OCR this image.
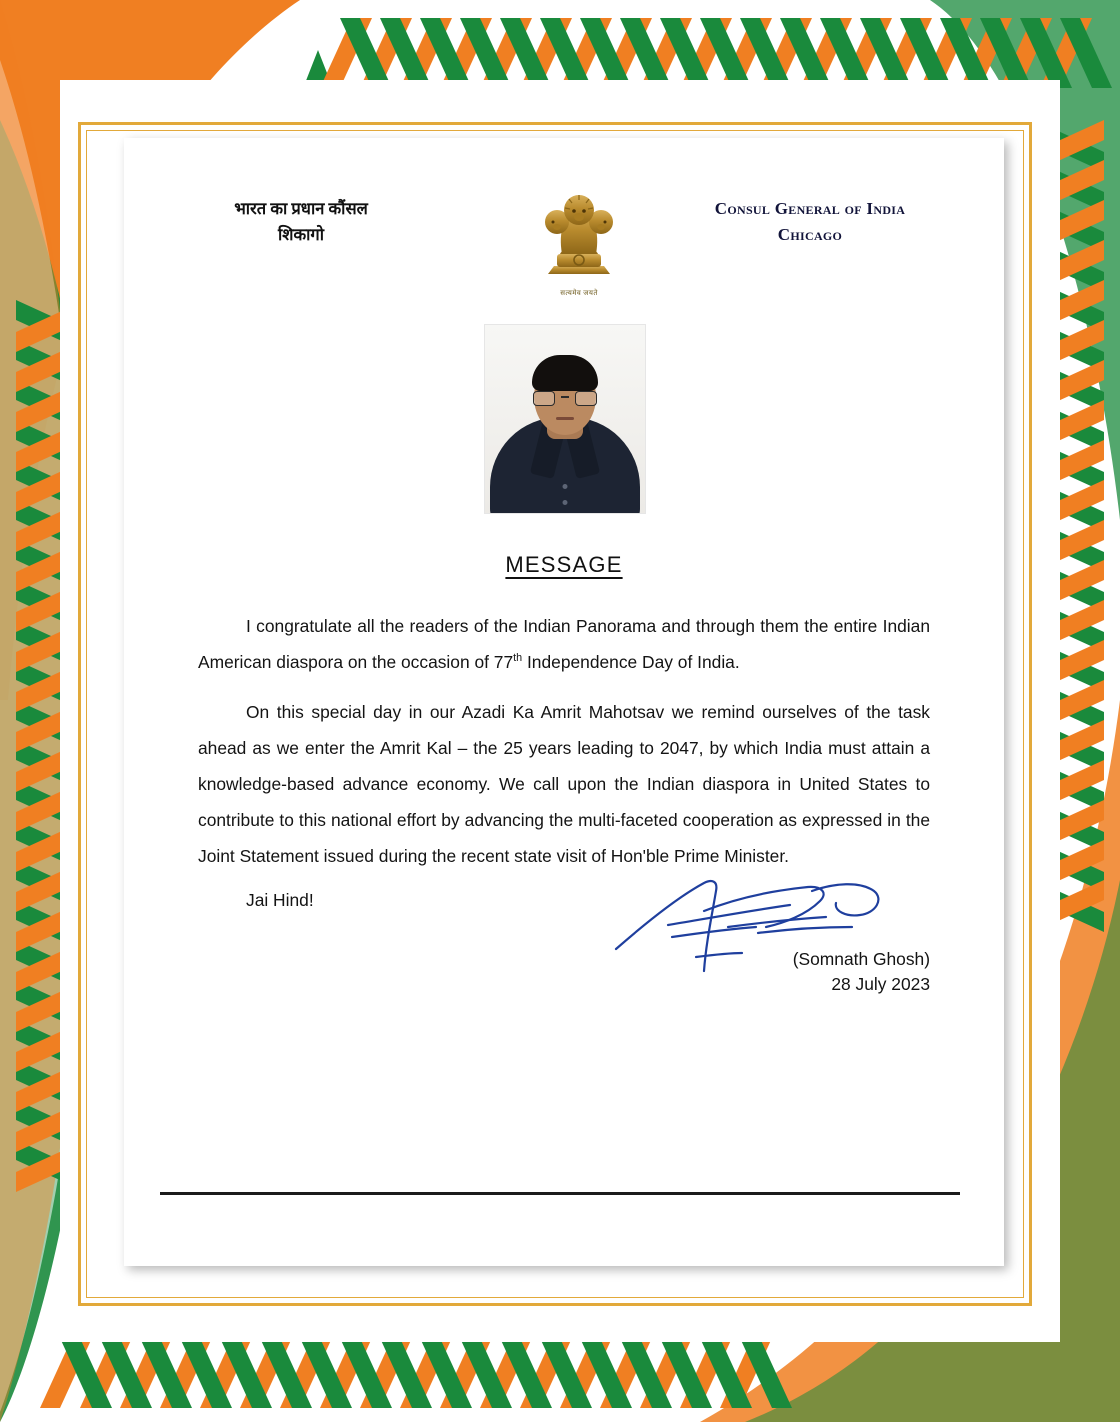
भारत का प्रधान कौंसल
शिकागो
सत्यमेव जयते
Consul General of India
Chicago
MESSAGE

I congratulate all the readers of the Indian Panorama and through them the entire Indian American diaspora on the occasion of 77th Independence Day of India.

On this special day in our Azadi Ka Amrit Mahotsav we remind ourselves of the task ahead as we enter the Amrit Kal – the 25 years leading to 2047, by which India must attain a knowledge-based advance economy. We call upon the Indian diaspora in United States to contribute to this national effort by advancing the multi-faceted cooperation as expressed in the Joint Statement issued during the recent state visit of Hon'ble Prime Minister.

Jai Hind!
(Somnath Ghosh)
28 July 2023
